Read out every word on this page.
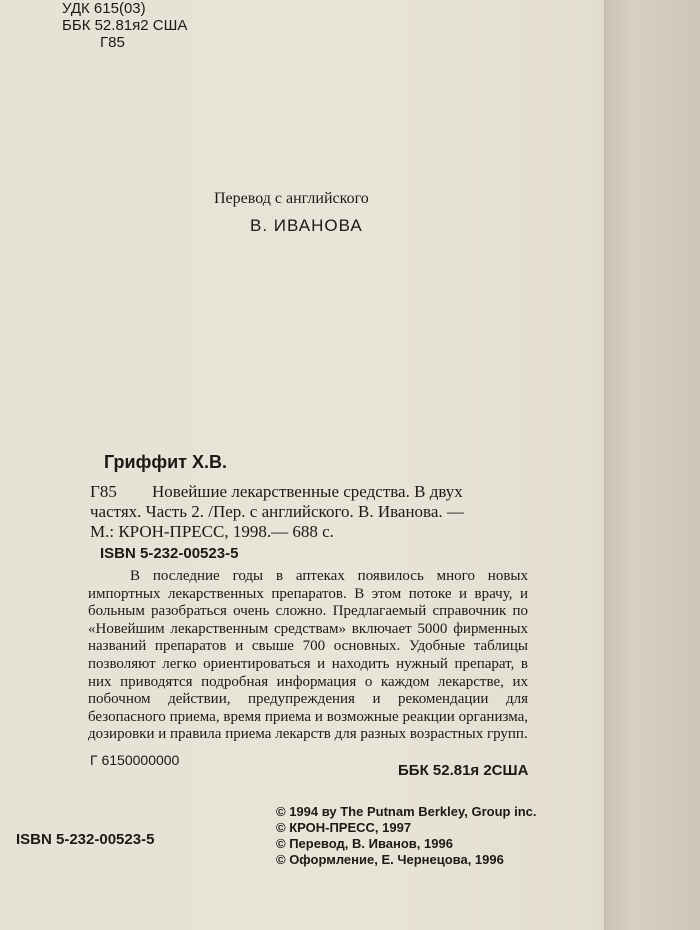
УДК 615(03)
ББК 52.81я2 США
Г85
Перевод с английского
В. ИВАНОВА
Гриффит Х.В.
Г85 Новейшие лекарственные средства. В двух
частях. Часть 2. /Пер. с английского. В. Иванова. —
М.: КРОН-ПРЕСС, 1998.— 688 с.
ISBN 5-232-00523-5

В последние годы в аптеках появилось много новых импортных лекарственных препаратов. В этом потоке и врачу, и больным разобраться очень сложно. Предлагаемый справочник по «Новейшим лекарственным средствам» включает 5000 фирменных названий препаратов и свыше 700 основных. Удобные таблицы позволяют легко ориентироваться и находить нужный препарат, в них приводятся подробная информация о каждом лекарстве, их побочном действии, предупреждения и рекомендации для безопасного приема, время приема и возможные реакции организма, дозировки и правила приема лекарств для разных возрастных групп.

Г 6150000000
ББК 52.81я 2США
© 1994 ву The Putnam Berkley, Group inc.
© КРОН-ПРЕСС, 1997
© Перевод, В. Иванов, 1996
© Оформление, Е. Чернецова, 1996
ISBN 5-232-00523-5
